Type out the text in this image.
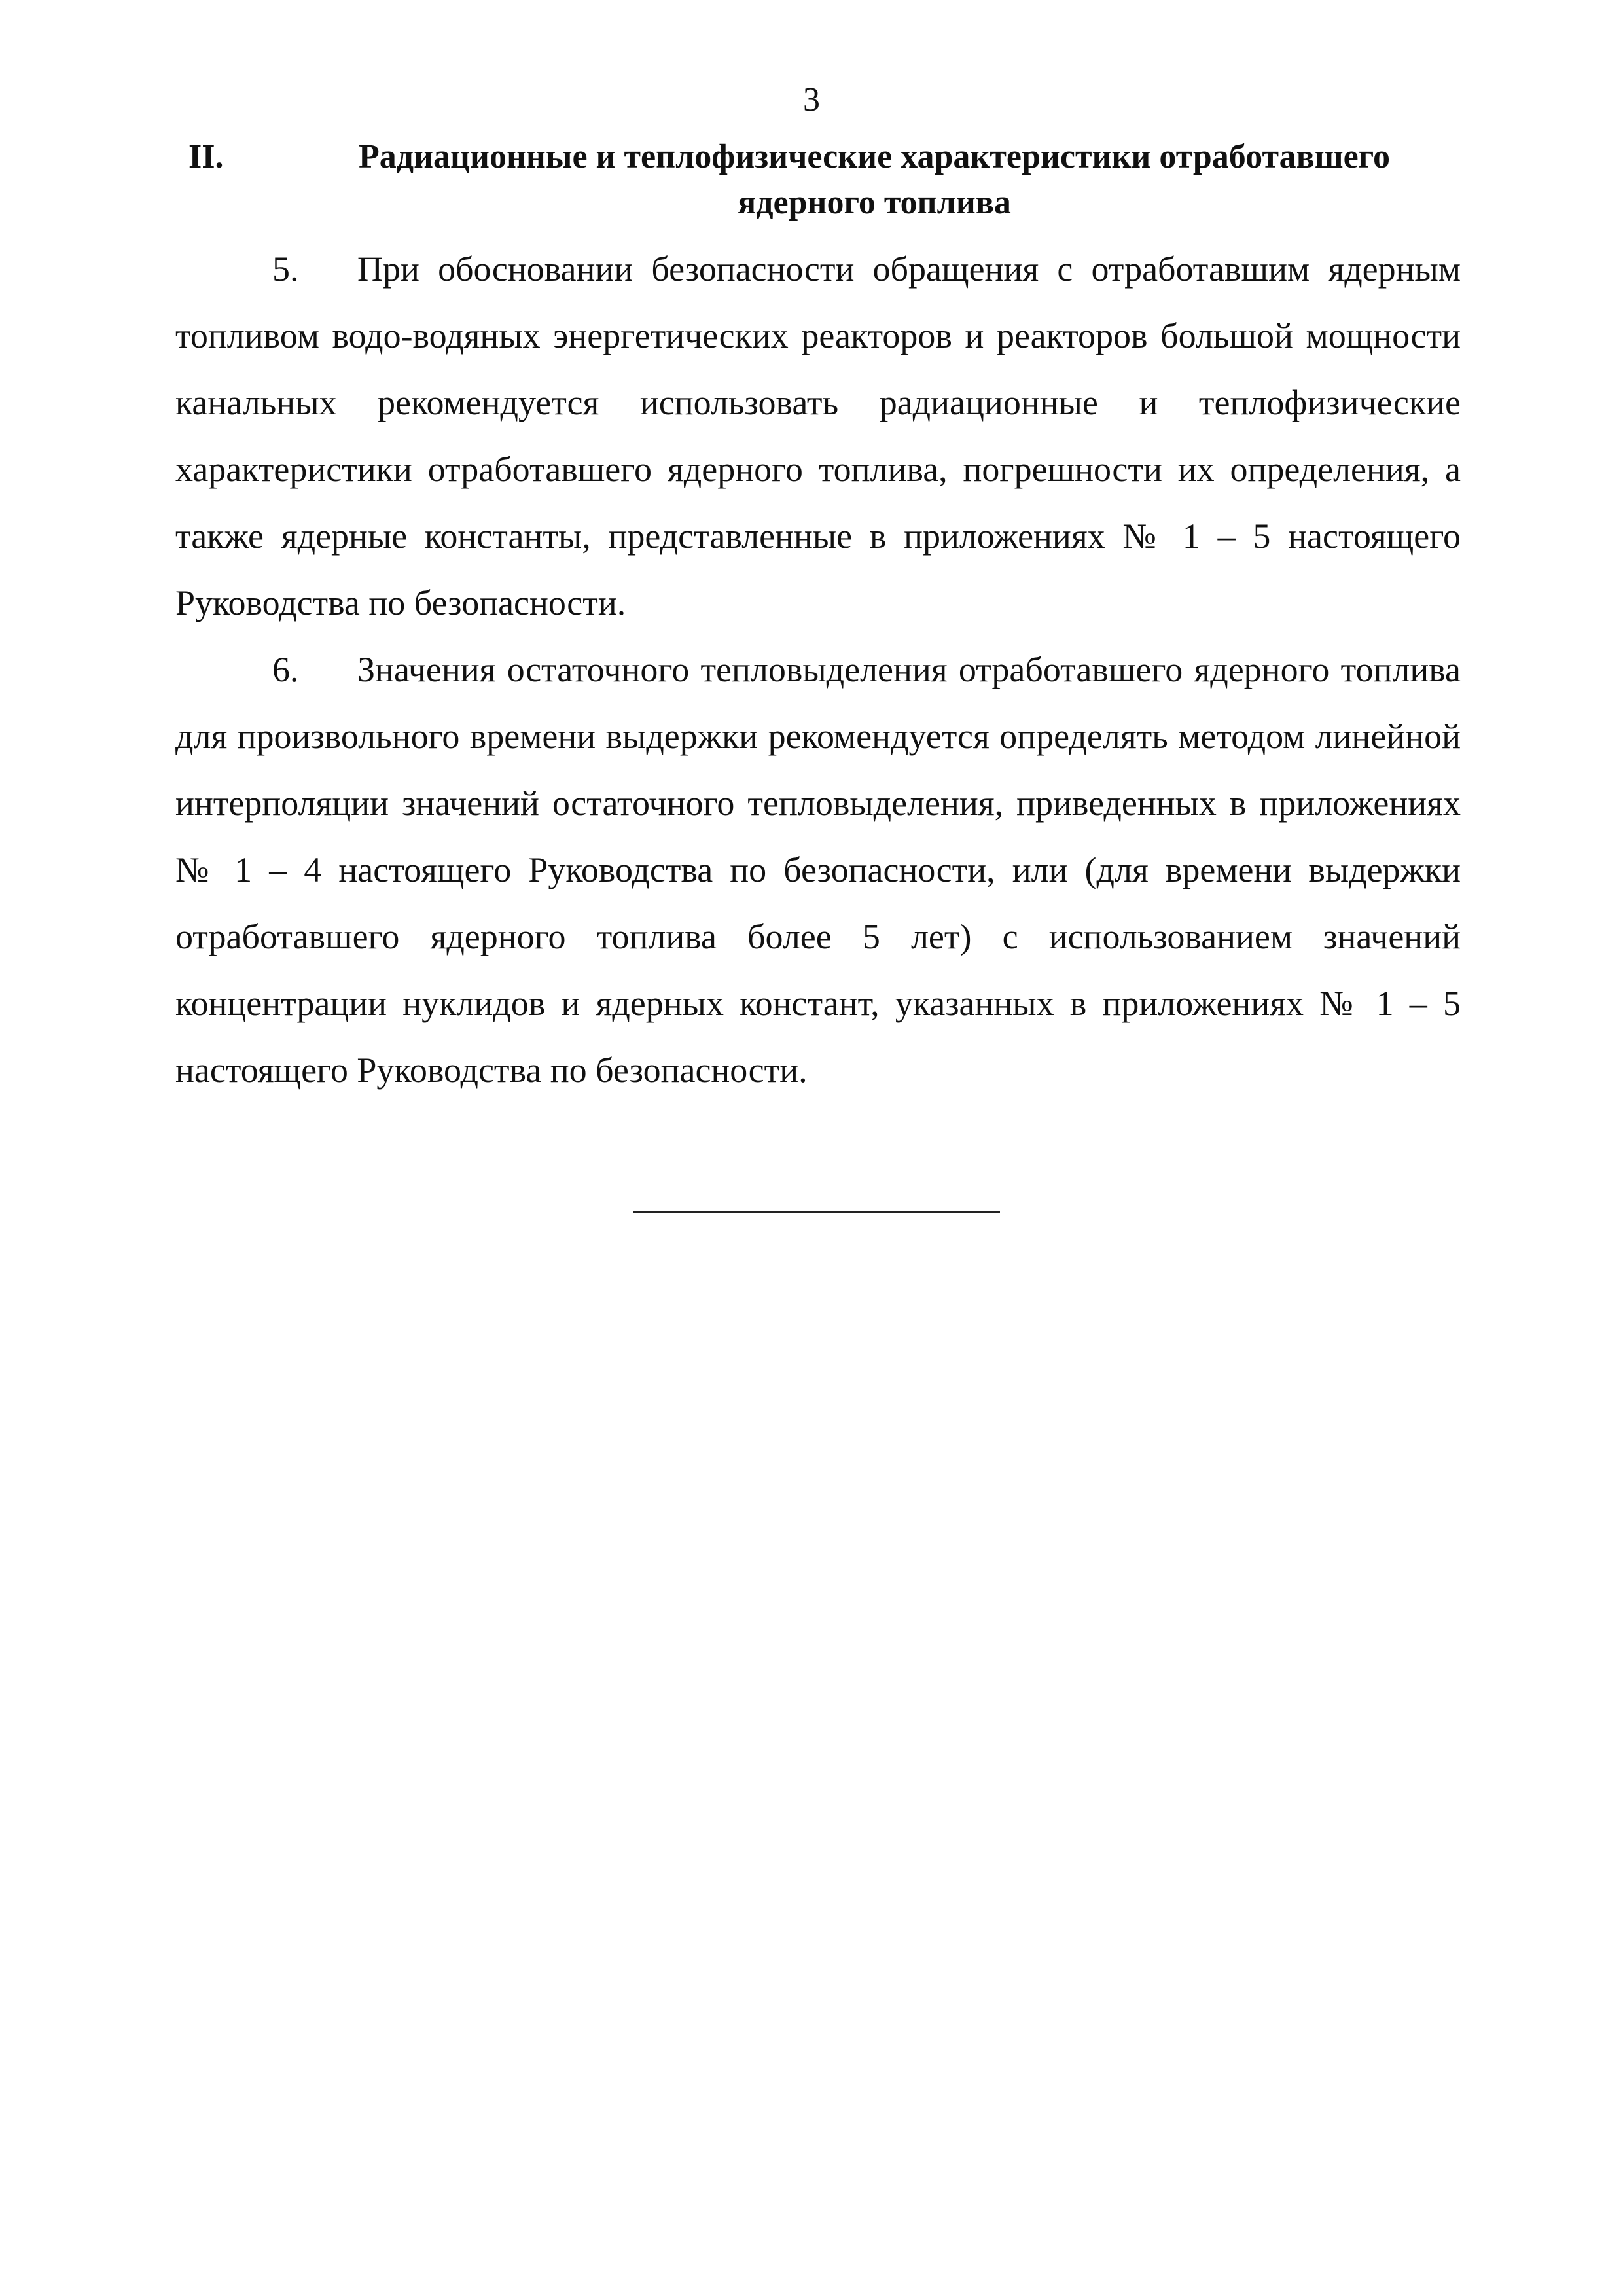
3
II.	Радиационные и теплофизические характеристики отработавшего ядерного топлива

5. При обосновании безопасности обращения с отработавшим ядерным топливом водо-водяных энергетических реакторов и реакторов большой мощности канальных рекомендуется использовать радиационные и теплофизические характеристики отработавшего ядерного топлива, погрешности их определения, а также ядерные константы, представленные в приложениях № 1 – 5 настоящего Руководства по безопасности.

6. Значения остаточного тепловыделения отработавшего ядерного топлива для произвольного времени выдержки рекомендуется определять методом линейной интерполяции значений остаточного тепловыделения, приведенных в приложениях № 1 – 4 настоящего Руководства по безопасности, или (для времени выдержки отработавшего ядерного топлива более 5 лет) с использованием значений концентрации нуклидов и ядерных констант, указанных в приложениях № 1 – 5 настоящего Руководства по безопасности.
